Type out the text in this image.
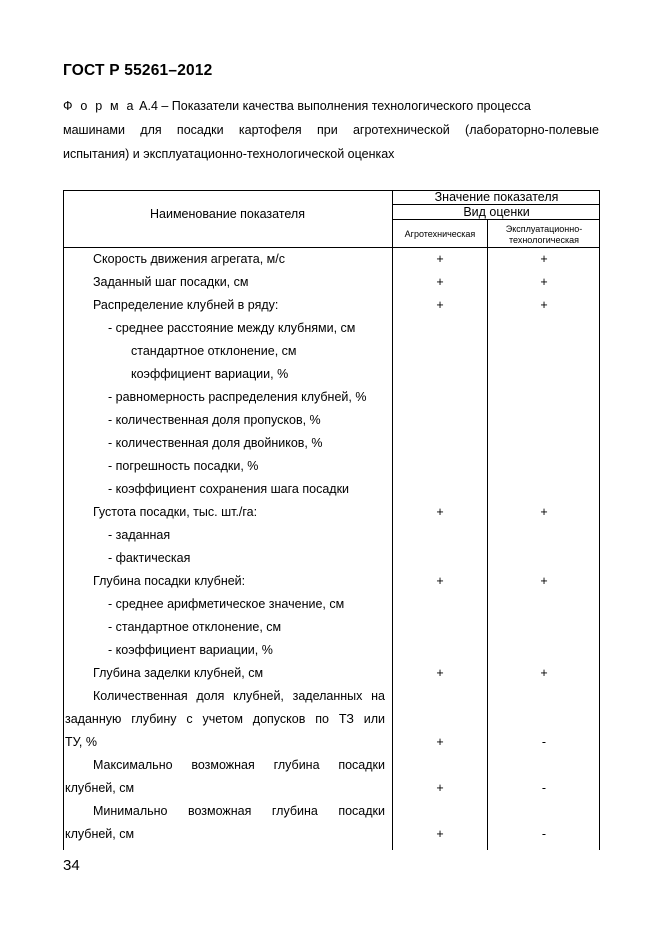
ГОСТ Р 55261–2012
Ф о р м а А.4 – Показатели качества выполнения технологического процесса
машинами для посадки картофеля при агротехнической (лабораторно-полевые
испытания) и эксплуатационно-технологической оценках
Наименование показателя
Значение показателя
Вид оценки
Агротехническая	Эксплуатационно-
технологическая
Скорость движения агрегата, м/с	+	+
Заданный шаг посадки, см	+	+
Распределение клубней в ряду:	+	+
- среднее расстояние между клубнями, см
стандартное отклонение, см
коэффициент вариации, %
- равномерность распределения клубней, %
- количественная доля пропусков, %
- количественная доля двойников, %
- погрешность посадки, %
- коэффициент сохранения шага посадки
Густота посадки, тыс. шт./га:	+	+
- заданная
- фактическая
Глубина посадки клубней:	+	+
- среднее арифметическое значение, см
- стандартное отклонение, см
- коэффициент вариации, %
Глубина заделки клубней, см	+	+
Количественная доля клубней, заделанных на
заданную глубину с учетом допусков по ТЗ или
ТУ, %	+	-
Максимально возможная глубина посадки
клубней, см	+	-
Минимально возможная глубина посадки
клубней, см	+	-
34
